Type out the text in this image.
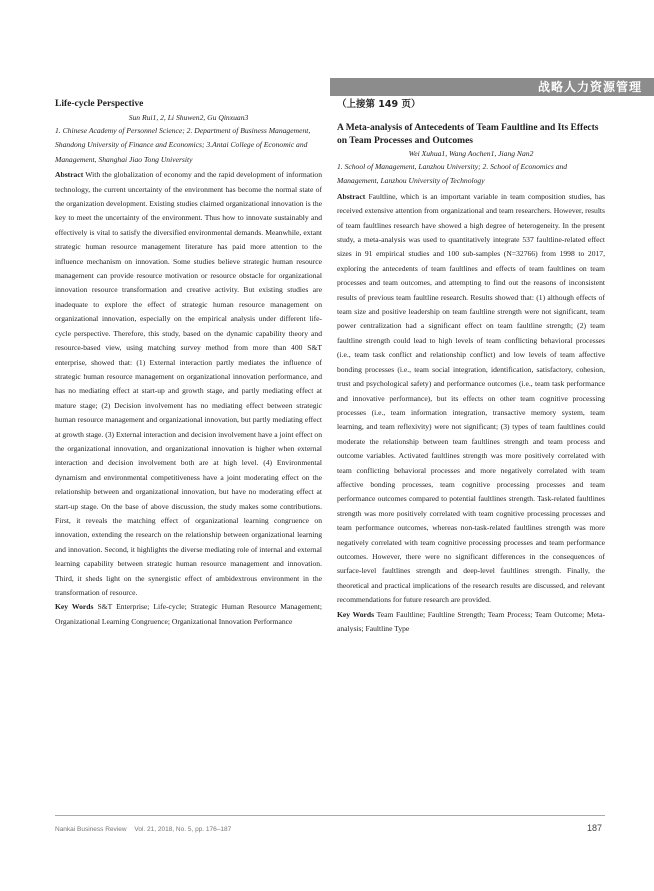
战略人力资源管理

Life-cycle Perspective

Sun Rui1, 2, Li Shuwen2, Gu Qinxuan3

1. Chinese Academy of Personnel Science; 2. Department of Business Management, Shandong University of Finance and Economics; 3.Antai College of Economic and Management, Shanghai Jiao Tong University

Abstract With the globalization of economy and the rapid development of information technology, the current uncertainty of the environment has become the normal state of the organization development. Existing studies claimed organizational innovation is the key to meet the uncertainty of the environment. Thus how to innovate sustainably and effectively is vital to satisfy the diversified environmental demands. Meanwhile, extant strategic human resource management literature has paid more attention to the influence mechanism on innovation. Some studies believe strategic human resource management can provide resource motivation or resource obstacle for organizational innovation resource transformation and creative activity. But existing studies are inadequate to explore the effect of strategic human resource management on organizational innovation, especially on the empirical analysis under different life-cycle perspective. Therefore, this study, based on the dynamic capability theory and resource-based view, using matching survey method from more than 400 S&T enterprise, showed that: (1) External interaction partly mediates the influence of strategic human resource management on organizational innovation performance, and has no mediating effect at start-up and growth stage, and partly mediating effect at mature stage; (2) Decision involvement has no mediating effect between strategic human resource management and organizational innovation, but partly mediating effect at growth stage. (3) External interaction and decision involvement have a joint effect on the organizational innovation, and organizational innovation is higher when external interaction and decision involvement both are at high level. (4) Environmental dynamism and environmental competitiveness have a joint moderating effect on the relationship between and organizational innovation, but have no moderating effect at start-up stage. On the base of above discussion, the study makes some contributions. First, it reveals the matching effect of organizational learning congruence on innovation, extending the research on the relationship between organizational learning and innovation. Second, it highlights the diverse mediating role of internal and external learning capability between strategic human resource management and innovation. Third, it sheds light on the synergistic effect of ambidextrous environment in the transformation of resource.

Key Words S&T Enterprise; Life-cycle; Strategic Human Resource Management; Organizational Learning Congruence; Organizational Innovation Performance

（上接第 149 页）

A Meta-analysis of Antecedents of Team Faultline and Its Effects on Team Processes and Outcomes

Wei Xuhua1, Wang Aochen1, Jiang Nan2

1. School of Management, Lanzhou University; 2. School of Economics and Management, Lanzhou University of Technology

Abstract Faultline, which is an important variable in team composition studies, has received extensive attention from organizational and team researchers. However, results of team faultlines research have showed a high degree of heterogeneity. In the present study, a meta-analysis was used to quantitatively integrate 537 faultline-related effect sizes in 91 empirical studies and 100 sub-samples (N=32766) from 1998 to 2017, exploring the antecedents of team faultlines and effects of team faultlines on team processes and team outcomes, and attempting to find out the reasons of inconsistent results of previous team faultline research. Results showed that: (1) although effects of team size and positive leadership on team faultline strength were not significant, team power centralization had a significant effect on team faultline strength; (2) team faultline strength could lead to high levels of team conflicting behavioral processes (i.e., team task conflict and relationship conflict) and low levels of team affective bonding processes (i.e., team social integration, identification, satisfactory, cohesion, trust and psychological safety) and performance outcomes (i.e., team task performance and innovative performance), but its effects on other team cognitive processing processes (i.e., team information integration, transactive memory system, team learning, and team reflexivity) were not significant; (3) types of team faultlines could moderate the relationship between team faultlines strength and team process and outcome variables. Activated faultlines strength was more positively correlated with team conflicting behavioral processes and more negatively correlated with team affective bonding processes, team cognitive processing processes and team performance outcomes compared to potential faultlines strength. Task-related faultlines strength was more positively correlated with team cognitive processing processes and team performance outcomes, whereas non-task-related faultlines strength was more negatively correlated with team cognitive processing processes and team performance outcomes. However, there were no significant differences in the consequences of surface-level faultlines strength and deep-level faultlines strength. Finally, the theoretical and practical implications of the research results are discussed, and relevant recommendations for future research are provided.

Key Words Team Faultline; Faultline Strength; Team Process; Team Outcome; Meta-analysis; Faultline Type

Nankai Business Review Vol. 21, 2018, No. 5, pp. 176–187	187
